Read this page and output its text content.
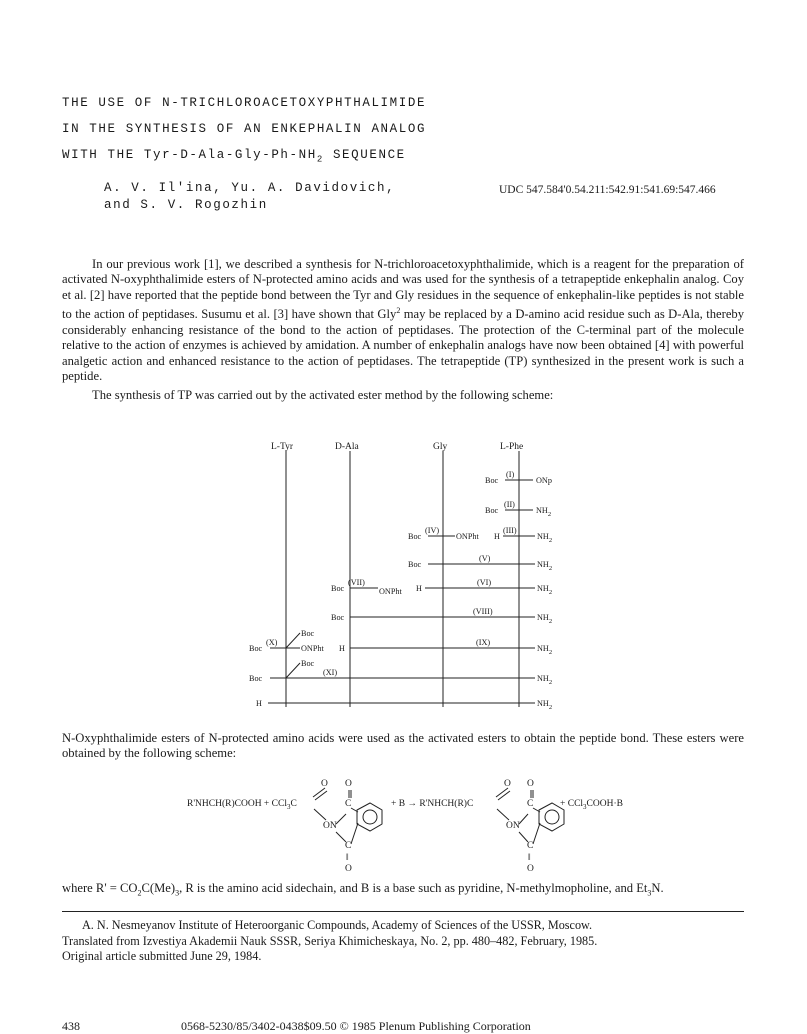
THE USE OF N-TRICHLOROACETOXYPHTHALIMIDE
IN THE SYNTHESIS OF AN ENKEPHALIN ANALOG
WITH THE Tyr-$D-Ala-Gly-Ph-NH_2$ SEQUENCE
A. V. Il'ina, Yu. A. Davidovich,
and S. V. Rogozhin
UDC 547.584'0.54.211:542.91:541.69:547.466

In our previous work [1], we described a synthesis for N-trichloroacetoxyphthalimide, which is a reagent for the preparation of activated N-oxyphthalimide esters of N-protected amino acids and was used for the synthesis of a tetrapeptide enkephalin analog. Coy et al. [2] have reported that the peptide bond between the Tyr and Gly residues in the sequence of enkephalin-like peptides is not stable to the action of peptidases. Susumu et al. [3] have shown that Gly$^2$ may be replaced by a D-amino acid residue such as D-Ala, thereby considerably enhancing resistance of the bond to the action of peptidases. The protection of the C-terminal part of the molecule relative to the action of enzymes is achieved by amidation. A number of enkephalin analogs have now been obtained [4] with powerful analgetic action and enhanced resistance to the action of peptidases. The tetrapeptide (TP) synthesized in the present work is such a peptide.

The synthesis of TP was carried out by the activated ester method by the following scheme:

L-Tyr	D-Ala	Gly	L-Phe
Boc
(I)
ONp
Boc
(II)
$NH_2$
Boc
(IV)
ONPht H
(III)
$NH_2$
Boc
(V)
$NH_2$
Boc
(VII)
ONPht H
(VI)
$NH_2$
Boc
(VIII)
$NH_2$
Boc
Boc
(X)
ONPht H
(IX)
$NH_2$
Boc
Boc
(XI)
$NH_2$
H	$NH_2$

N-Oxyphthalimide esters of N-protected amino acids were used as the activated esters to obtain the peptide bond. These esters were obtained by the following scheme:

R'NHCH(R)COOH + CCl$_3$C
O O
C
ON
C
‖
O
+ B → R'NHCH(R)C
O O
C
ON
C
‖
O
+ CCl$_3$COOH·B

where $R' = CO_2C(Me)_3$, R is the amino acid sidechain, and B is a base such as pyridine, N-methylmopholine, and $Et_3N$.

A. N. Nesmeyanov Institute of Heteroorganic Compounds, Academy of Sciences of the USSR, Moscow.

Translated from Izvestiya Akademii Nauk SSSR, Seriya Khimicheskaya, No. 2, pp. 480–482, February, 1985.

Original article submitted June 29, 1984.

438	0568-5230/85/3402-0438$09.50 © 1985 Plenum Publishing Corporation
